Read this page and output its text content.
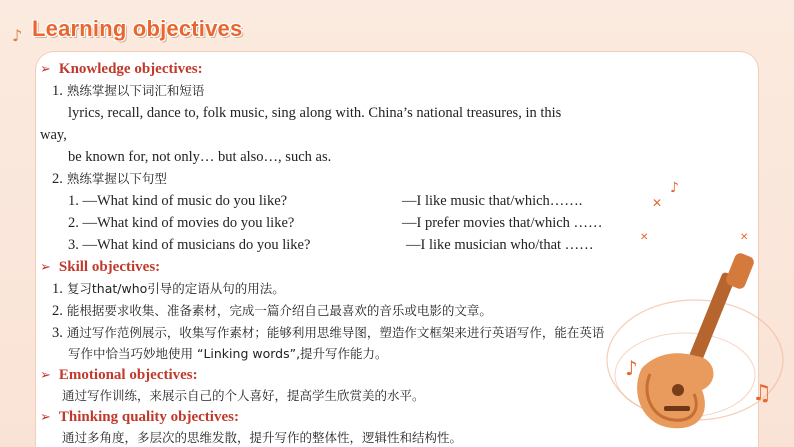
♪ Learning objectives
♪
♫
♪
✕
✕
✕
➢ Knowledge objectives:
1. 熟练掌握以下词汇和短语
lyrics, recall, dance to, folk music, sing along with. China’s national treasures, in this
way,
be known for, not only… but also…, such as.
2. 熟练掌握以下句型
1. —What kind of music do you like?	—I like music that/which…….
2. —What kind of movies do you like?	—I prefer movies that/which ……
3. —What kind of musicians do you like?	—I like musician who/that ……
➢ Skill objectives:
1. 复习that/who引导的定语从句的用法。
2. 能根据要求收集、准备素材，完成一篇介绍自己最喜欢的音乐或电影的文章。
3. 通过写作范例展示，收集写作素材；能够利用思维导图，塑造作文框架来进行英语写作，能在英语
写作中恰当巧妙地使用 “Linking words”,提升写作能力。
➢ Emotional objectives:
通过写作训练，来展示自己的个人喜好，提高学生欣赏美的水平。
➢ Thinking quality objectives:
通过多角度，多层次的思维发散，提升写作的整体性，逻辑性和结构性。
